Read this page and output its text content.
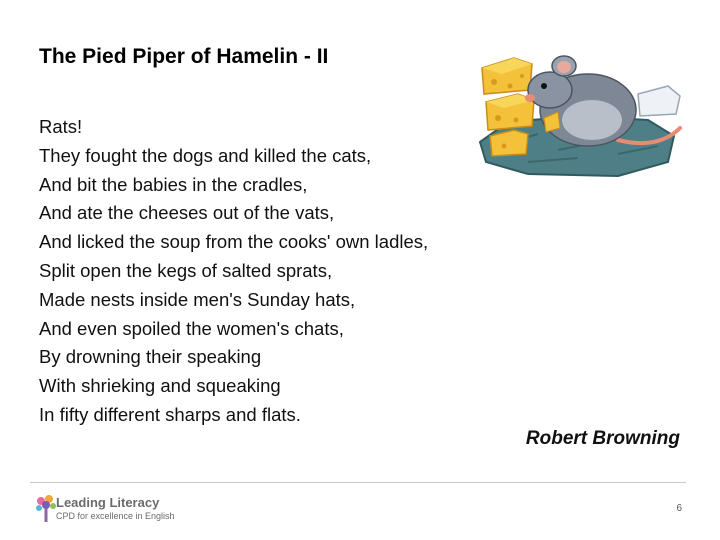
The Pied Piper of Hamelin - II
Rats!
They fought the dogs and killed the cats,
And bit the babies in the cradles,
And ate the cheeses out of the vats,
And licked the soup from the cooks' own ladles,
Split open the kegs of salted sprats,
Made nests inside men's Sunday hats,
And even spoiled the women's chats,
By drowning their speaking
With shrieking and squeaking
In fifty different sharps and flats.
Robert Browning
Leading Literacy
CPD for excellence in English
6
